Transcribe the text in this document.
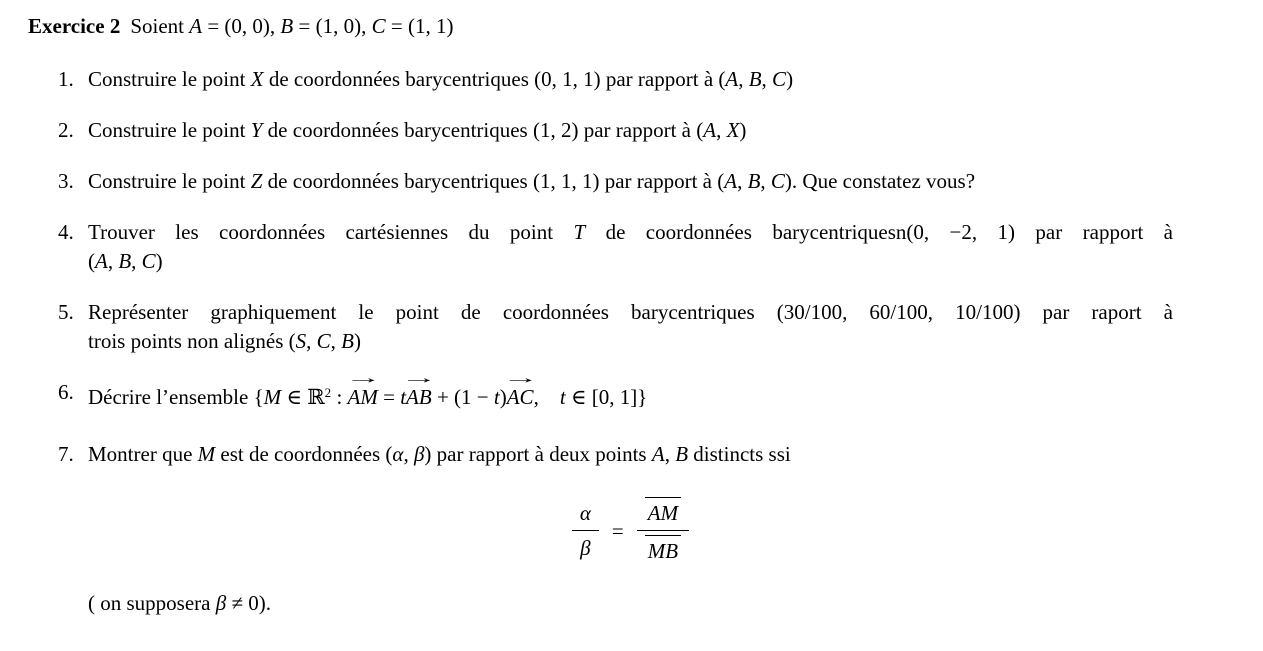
Exercice 2 Soient A = (0, 0), B = (1, 0), C = (1, 1)

1. Construire le point X de coordonnées barycentriques (0, 1, 1) par rapport à (A, B, C)
2. Construire le point Y de coordonnées barycentriques (1, 2) par rapport à (A, X)
3. Construire le point Z de coordonnées barycentriques (1, 1, 1) par rapport à (A, B, C). Que constatez vous?
4. Trouver les coordonnées cartésiennes du point T de coordonnées barycentriquesn(0, −2, 1) par rapport à
(A, B, C)
5. Représenter graphiquement le point de coordonnées barycentriques (30/100, 60/100, 10/100) par raport à
trois points non alignés (S, C, B)
6. Décrire l’ensemble {M ∈ ℝ$^2$ :
→
AM = t
→
AB + (1 − t)
→
AC, t ∈ [0, 1]}
7. Montrer que M est de coordonnées (α, β) par rapport à deux points A, B distincts ssi
$\frac{\alpha}{\beta} = \frac{AM}{MB}$

( on supposera β ≠ 0).
